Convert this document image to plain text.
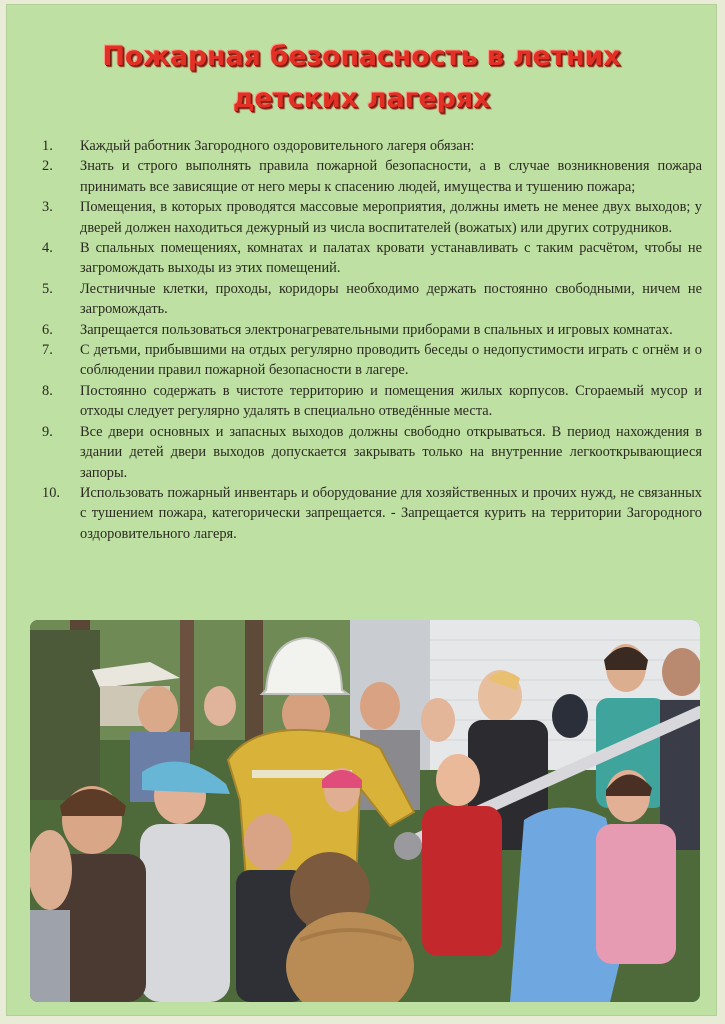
Пожарная безопасность в летних
детских лагерях
1. Каждый работник Загородного оздоровительного лагеря обязан:
2. Знать и строго выполнять правила пожарной безопасности, а в случае возникновения пожара принимать все зависящие от него меры к спасению людей, имущества и тушению пожара;
3. Помещения, в которых проводятся массовые мероприятия, должны иметь не менее двух выходов; у дверей должен находиться дежурный из числа воспитателей (вожатых) или других сотрудников.
4. В спальных помещениях, комнатах и палатах кровати устанавливать с таким расчётом, чтобы не загромождать выходы из этих помещений.
5. Лестничные клетки, проходы, коридоры необходимо держать постоянно свободными, ничем не загромождать.
6. Запрещается пользоваться электронагревательными приборами в спальных и игровых комнатах.
7. С детьми, прибывшими на отдых регулярно проводить беседы о недопустимости играть с огнём и о соблюдении правил пожарной безопасности в лагере.
8. Постоянно содержать в чистоте территорию и помещения жилых корпусов. Сгораемый мусор и отходы следует регулярно удалять в специально отведённые места.
9. Все двери основных и запасных выходов должны свободно открываться. В период нахождения в здании детей двери выходов допускается закрывать только на внутренние легкооткрывающиеся запоры.
10. Использовать пожарный инвентарь и оборудование для хозяйственных и прочих нужд, не связанных с тушением пожара, категорически запрещается. - Запрещается курить на территории Загородного оздоровительного лагеря.
